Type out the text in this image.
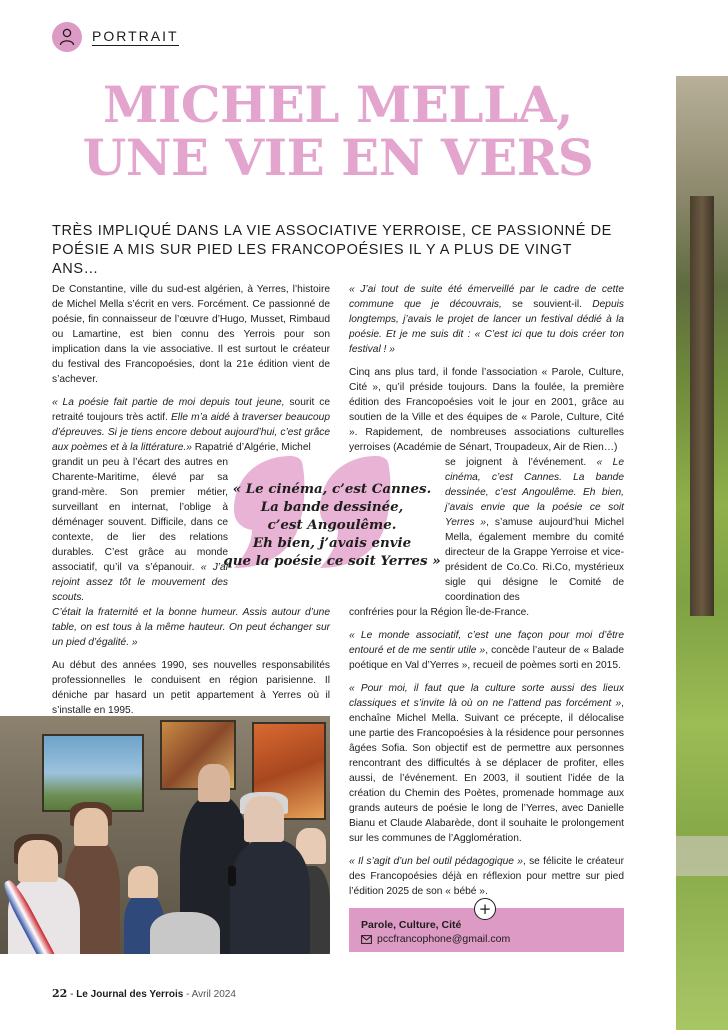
PORTRAIT
MICHEL MELLA,
UNE VIE EN VERS

TRÈS IMPLIQUÉ DANS LA VIE ASSOCIATIVE YERROISE, CE PASSIONNÉ DE POÉSIE A MIS SUR PIED LES FRANCOPOÉSIES IL Y A PLUS DE VINGT ANS…

De Constantine, ville du sud-est algérien, à Yerres, l’histoire de Michel Mella s’écrit en vers. Forcément. Ce passionné de poésie, fin connaisseur de l’œuvre d’Hugo, Musset, Rimbaud ou Lamartine, est bien connu des Yerrois pour son implication dans la vie associative. Il est surtout le créateur du festival des Francopoésies, dont la 21e édition vient de s’achever.

« La poésie fait partie de moi depuis tout jeune, sourit ce retraité toujours très actif. Elle m’a aidé à traverser beaucoup d’épreuves. Si je tiens encore debout aujourd’hui, c’est grâce aux poèmes et à la littérature.» Rapatrié d’Algérie, Michel

grandit un peu à l’écart des autres en Charente-Maritime, élevé par sa grand-mère. Son premier métier, surveillant en internat, l’oblige à déménager souvent. Difficile, dans ce contexte, de lier des relations durables. C’est grâce au monde associatif, qu’il va s’épanouir. « J’ai rejoint assez tôt le mouvement des scouts.

C’était la fraternité et la bonne humeur. Assis autour d’une table, on est tous à la même hauteur. On peut échanger sur un pied d’égalité. »

Au début des années 1990, ses nouvelles responsabilités professionnelles le conduisent en région parisienne. Il déniche par hasard un petit appartement à Yerres où il s’installe en 1995.

« J’ai tout de suite été émerveillé par le cadre de cette commune que je découvrais, se souvient-il. Depuis longtemps, j’avais le projet de lancer un festival dédié à la poésie. Et je me suis dit : « C’est ici que tu dois créer ton festival ! »

Cinq ans plus tard, il fonde l’association « Parole, Culture, Cité », qu’il préside toujours. Dans la foulée, la première édition des Francopoésies voit le jour en 2001, grâce au soutien de la Ville et des équipes de « Parole, Culture, Cité ». Rapidement, de nombreuses associations culturelles yerroises (Académie de Sénart, Troupadeux, Air de Rien…)

se joignent à l’événement. « Le cinéma, c’est Cannes. La bande dessinée, c’est Angoulême. Eh bien, j’avais envie que la poésie ce soit Yerres », s’amuse aujourd’hui Michel Mella, également membre du comité directeur de la Grappe Yerroise et vice-président de Co.Co. Ri.Co, mystérieux sigle qui désigne le Comité de coordination des

confréries pour la Région Île-de-France.

« Le monde associatif, c’est une façon pour moi d’être entouré et de me sentir utile », concède l’auteur de « Balade poétique en Val d’Yerres », recueil de poèmes sorti en 2015.

« Pour moi, il faut que la culture sorte aussi des lieux classiques et s’invite là où on ne l’attend pas forcément », enchaîne Michel Mella. Suivant ce précepte, il délocalise une partie des Francopoésies à la résidence pour personnes âgées Sofia. Son objectif est de permettre aux personnes rencontrant des difficultés à se déplacer de profiter, elles aussi, de l’événement. En 2003, il soutient l’idée de la création du Chemin des Poètes, promenade hommage aux grands auteurs de poésie le long de l’Yerres, avec Danielle Bianu et Claude Alabarède, dont il souhaite le prolongement sur les communes de l’Agglomération.

« Il s’agit d’un bel outil pédagogique », se félicite le créateur des Francopoésies déjà en réflexion pour mettre sur pied l’édition 2025 de son « bébé ».

« Le cinéma, c’est Cannes.
La bande dessinée,
c’est Angoulême.
Eh bien, j’avais envie
que la poésie ce soit Yerres »
+
Parole, Culture, Cité
pccfrancophone@gmail.com
22 - Le Journal des Yerrois - Avril 2024
